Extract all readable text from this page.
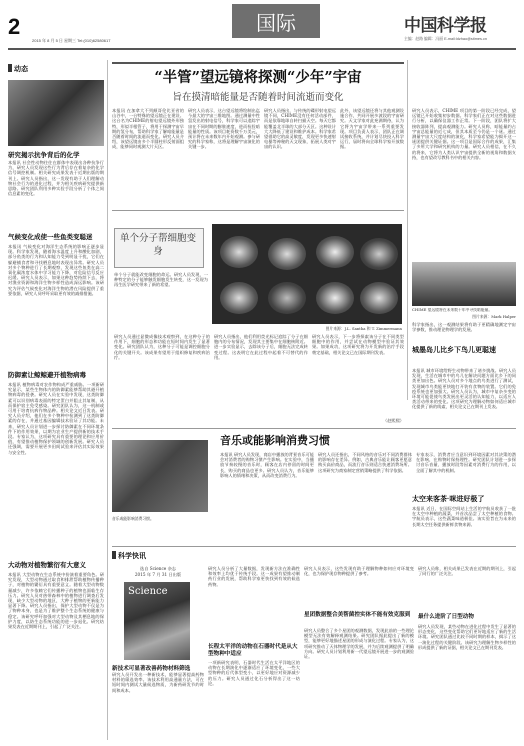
2
2015 年 8 月 5 日 星期三 Tel:(010)62580617
国际	中国科学报
主编：赵路 编辑：冯丽 E-mail:ldzhao@stimes.cn
动态
研究揭示抗争背后的化学
本报讯 社会性动物往往在群体中表现出各种抗争行为，研究人员发现这些行为背后存在着复杂的化学信号调控机制。相关研究成果发表于近期出版的期刊上。研究人员指出，这一发现有助于人们理解动物社会行为的进化过程，并为相关疾病研究提供新思路。研究团队利用多种实验手段分析了个体之间信息素的变化。
气候变化成使一些鱼类变聪迷
本报讯 气候变化对海洋生态系统的影响正逐步显现。科学家发现，随着海水温度上升和酸化加剧，部分鱼类的行为和认知能力受到明显干扰，它们在躲避捕食者和寻找栖息地时表现出异常。研究人员对多个物种进行了长期观察，发现这些鱼类在高二氧化碳浓度水体中学习能力下降，对危险信号反应迟缓。研究人员表示，如果这种趋势持续下去，将对渔业资源和海洋生物多样性造成深远影响。该研究为评估气候变化对海洋生物的潜在风险提供了重要依据，研究人员呼吁采取更有效的减排措施。
防御素让鲸鲸避开植物病毒
本报讯 植物病毒对农作物构成严重威胁。一项新研究显示，某些生物体内的防御素能够帮助其避开植物病毒的侵袭。研究人员在实验中发现，这类防御素可以识别病毒表面的特定蛋白并阻止其复制，从而保护宿主免受感染。研究团队认为，这一机制或可用于培育抗病作物品种。相关论文近日发表。研究人员介绍，他们在多个物种中检测到了这类防御素的存在，并通过基因编辑技术验证了其功能。未来，研究人员计划进一步探讨防御素在不同环境条件下的作用效果，以期为农业生产提供新的技术手段。专家认为，这项研究具有重要的理论和应用价值，有望推动植物保护领域的创新发展。研究人员还强调，需要开展更多田间试验来评估其实际效果与安全性。
大动物对植物繁衍有大意义
本报讯 大型动物在生态系统中扮演着重要角色。研究发现，大型动物通过取食和排泄帮助植物传播种子，对植物的繁衍具有重要意义。随着大型动物数量减少，许多依赖它们传播种子的植物也面临生存压力。研究人员对热带森林中的植物进行调查后发现，缺少大型动物的地区，大种子植物的更新能力显著下降。研究人员指出，保护大型动物不仅是为了物种本身，也是为了维护整个生态系统的健康与稳定。该研究呼吁加强对大型动物及其栖息地的保护力度，以防生态系统功能的进一步退化。研究结果发表在近期期刊上，引起了广泛关注。
“半管”望远镜将探测“少年”宇宙
旨在摸清暗能量是否随着时间流逝而变化
本报讯 在加拿大不列颠哥伦比亚省的山谷中，一台特殊的望远镜正在建设。这台名为CHIME的射电望远镜外形独特，形似半根管子，将用于探测宇宙早期的氢分布，帮助科学家了解暗能量是否随着时间的流逝而变化。研究人员介绍，该望远镜由多个半圆柱形反射面组成，能够同时观测大片天区。
研究人员表示，这台望远镜将绘制出迄今最大的宇宙三维地图。通过测量中性氢发出的射电信号，科学家可以追踪宇宙在不同时期的膨胀速度，进而检验暗能量的性质。该项目耗资数千万美元，预计将在未来数年内开始观测。参与研究的科学家称，这将是理解宇宙演化的关键一步。
研究人员指出，与传统的碟形射电望远镜不同，CHIME没有任何活动部件，而是依靠地球自转扫描天空。每天它都能覆盖北半球的大部分天区。这种设计大大降低了建设和维护成本。科学家希望借助它的高灵敏度，发现更多快速射电暴等神秘的天文现象，拓展人类对宇宙的认识。
此外，该望远镜还将与其他观测设施合作，共同开展多波段的宇宙研究。天文学家对此充满期待，认为它将为宇宙学带来一系列重要发现。项目负责人表示，团队正在调试接收系统，并计划尽快投入科学运行，届时将向全球科学家开放数据。
研究人员表示，CHIME 项目的第一阶段已经完成，望远镜已开始收集初步数据。科学家们正在对这些数据进行分析，以确保仪器工作正常。下一阶段，团队将扩大接收器阵列，提高观测能力。研究人员称，暗能量约占宇宙总能量的近七成，但其本质至今仍是一个谜。通过测量宇宙大尺度结构的演化，科学家希望能为揭开这一谜团提供关键证据。这一项目是国际合作的成果，汇集了多所大学和研究机构的力量。研究人员相信，在不久的将来，它将为人类认识宇宙提供全新的视角和数据支持，也有望改写教科书中的相关内容。
CHIME 望远镜将在未来数十年中寻找暗能量。
图片来源：Mark Halper
科学家指出，这一观测结果将有助于更精确地测定宇宙学参数，推动理论物理学的发展。
城墨岛儿比乡下鸟儿更聪速
本报讯 城市环境给野生动物带来了诸多挑战。研究人员发现，生活在城市中的鸟儿在解决问题方面比乡下的同类更加出色。研究人员对多个地点的鸟类进行了测试，发现城市鸟类能更快地打开装有食物的装置。它们的免疫系统也更加强大。研究人员认为，城市中复杂多变的环境可能促使鸟类发展出更灵活的认知能力，以适应人类活动带来的变化。这项研究为理解动物如何适应城市化提供了新的线索，相关论文已在期刊上发表。
太空来客茶·咪进好极了
本报讯 近日，在国际空间站上生活的宇航员收获了一批在太空中种植的蔬菜，并首次品尝了太空种植的食物。宇航员表示，这些蔬菜味道极佳。该实验旨在为未来的长期太空任务提供新鲜食物来源。
单个分子帮细胞变身
图片来源：J.L. Santha 和 T. Zimmermann
单个分子就能改变细胞的命运。研究人员发现，一种特定的分子能够触发细胞发生转变，这一发现为再生医学研究带来了新的希望。
研究人员通过显微成像技术观察到，在这种分子的作用下，细胞的形态和功能在短时间内发生了显著变化。研究团队认为，这种分子可能是调控细胞分化的关键开关。该成果有望用于组织修复和疾病治疗。
研究人员指出，他们利用荧光标记追踪了分子在细胞内的分布情况，发现其主要集中在细胞核附近。进一步实验显示，去除该分子后，细胞无法完成转变过程。这表明它在此过程中起着不可替代的作用。
研究人员表示，下一步将探索该分子在不同类型细胞中的作用，并尝试在动物模型中验证其效果。如果成功，这项研究将为开发新的治疗手段奠定基础，相关论文已在国际期刊发表。
（赵熙熙）
音乐或能影响消费习惯
音乐或能影响消费习惯。
本报讯 研究人员发现，商店中播放的背景音乐可能会对消费者的购物习惯产生影响。在实验中，当播放节奏较慢的音乐时，顾客在店内停留的时间更长，购买的商品也更多。研究人员认为，音乐能够影响人的情绪和决策，从而改变消费行为。
研究人员还指出，不同风格的音乐对不同消费群体的影响存在差异。例如，古典音乐能让顾客更愿意购买高价商品，而流行音乐则适合快速消费场所。这项研究为商家制定营销策略提供了科学依据。
专家表示，消费者应当意识到环境因素对其决策的潜在影响，在购物时保持理性。研究团队计划进一步探讨音乐音量、播放时段等因素对消费行为的作用，以全面了解其中的机制。
科学快讯
选自 Science 杂志
2015 年 7 月 31 日出版
Science
新技术可显著改善药物材料筛选
研究人员开发出一种新技术，能够显著提高药物材料的筛选效率。该技术利用高通量方法，可在短时间内测试大量候选物质，为新药研发节约时间和成本。
研究人员分析了大量数据，发现新方法在准确性和效率上均优于传统手段。这一成果有望推动制药行业的发展，帮助科学家更快找到有效的候选药物。
长程太平洋的动物在石器时代是从大型物种中适应
一项新研究表明，石器时代生活在太平洋地区的动物在长期演化中逐渐适应了环境变化，一些大型物种的后代体型变小，以更好地应对资源减少的压力。研究人员通过化石分析得出了这一结论。
研究人员表示，这些发现有助于理解物种如何应对环境变化，也为保护现存物种提供了参考。
星团数据整合美帮菌控实体不能有效克服到
研究人员整合了多个星团的观测数据，发现此前的一些理论模型无法有效解释观测结果。研究团队据此提出了新的模型，能够更好地描述星团的形成与演化过程。专家认为，这项研究推动了天体物理学的发展，并为后续观测提供了明确方向。研究人员计划利用新一代望远镜开展进一步的观测验证。
研究人员称，相关成果已发表在近期的期刊上，引起了同行的广泛关注。
最什么进阶了日型动物
研究人员发现，某些动物在进化过程中发生了显著的形态变化，这些变化帮助它们更好地适应了新的生活环境。研究团队通过比较不同时期的样本，揭示了这一演化过程的关键阶段。该研究为理解生物多样性的形成提供了新的证据，相关论文已在期刊发表。
